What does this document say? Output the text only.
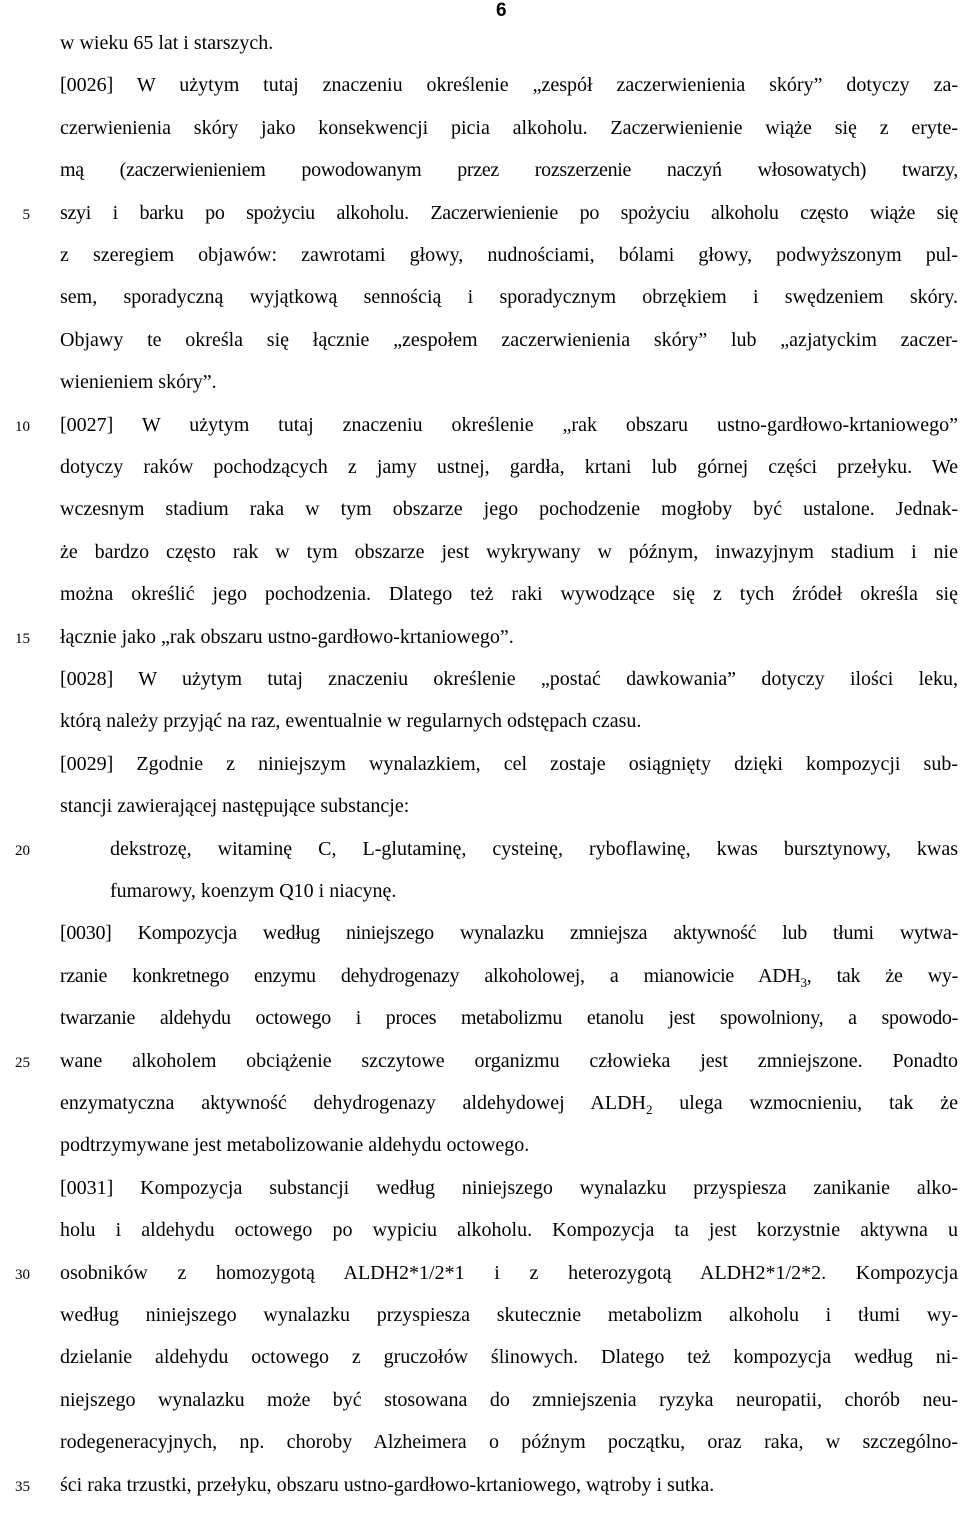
6
5
10
15
20
25
30
35
w wieku 65 lat i starszych.
[0026] W użytym tutaj znaczeniu określenie „zespół zaczerwienienia skóry” dotyczy za-
czerwienienia skóry jako konsekwencji picia alkoholu. Zaczerwienienie wiąże się z eryte-
mą (zaczerwienieniem powodowanym przez rozszerzenie naczyń włosowatych) twarzy,
szyi i barku po spożyciu alkoholu. Zaczerwienienie po spożyciu alkoholu często wiąże się
z szeregiem objawów: zawrotami głowy, nudnościami, bólami głowy, podwyższonym pul-
sem, sporadyczną wyjątkową sennością i sporadycznym obrzękiem i swędzeniem skóry.
Objawy te określa się łącznie „zespołem zaczerwienienia skóry” lub „azjatyckim zaczer-
wienieniem skóry”.
[0027] W użytym tutaj znaczeniu określenie „rak obszaru ustno-gardłowo-krtaniowego”
dotyczy raków pochodzących z jamy ustnej, gardła, krtani lub górnej części przełyku. We
wczesnym stadium raka w tym obszarze jego pochodzenie mogłoby być ustalone. Jednak-
że bardzo często rak w tym obszarze jest wykrywany w późnym, inwazyjnym stadium i nie
można określić jego pochodzenia. Dlatego też raki wywodzące się z tych źródeł określa się
łącznie jako „rak obszaru ustno-gardłowo-krtaniowego”.
[0028] W użytym tutaj znaczeniu określenie „postać dawkowania” dotyczy ilości leku,
którą należy przyjąć na raz, ewentualnie w regularnych odstępach czasu.
[0029] Zgodnie z niniejszym wynalazkiem, cel zostaje osiągnięty dzięki kompozycji sub-
stancji zawierającej następujące substancje:
dekstrozę, witaminę C, L-glutaminę, cysteinę, ryboflawinę, kwas bursztynowy, kwas
fumarowy, koenzym Q10 i niacynę.
[0030] Kompozycja według niniejszego wynalazku zmniejsza aktywność lub tłumi wytwa-
rzanie konkretnego enzymu dehydrogenazy alkoholowej, a mianowicie $ADH_3$, tak że wy-
twarzanie aldehydu octowego i proces metabolizmu etanolu jest spowolniony, a spowodo-
wane alkoholem obciążenie szczytowe organizmu człowieka jest zmniejszone. Ponadto
enzymatyczna aktywność dehydrogenazy aldehydowej $ALDH_2$ ulega wzmocnieniu, tak że
podtrzymywane jest metabolizowanie aldehydu octowego.
[0031] Kompozycja substancji według niniejszego wynalazku przyspiesza zanikanie alko-
holu i aldehydu octowego po wypiciu alkoholu. Kompozycja ta jest korzystnie aktywna u
osobników z homozygotą ALDH2*1/2*1 i z heterozygotą ALDH2*1/2*2. Kompozycja
według niniejszego wynalazku przyspiesza skutecznie metabolizm alkoholu i tłumi wy-
dzielanie aldehydu octowego z gruczołów ślinowych. Dlatego też kompozycja według ni-
niejszego wynalazku może być stosowana do zmniejszenia ryzyka neuropatii, chorób neu-
rodegeneracyjnych, np. choroby Alzheimera o późnym początku, oraz raka, w szczególno-
ści raka trzustki, przełyku, obszaru ustno-gardłowo-krtaniowego, wątroby i sutka.
